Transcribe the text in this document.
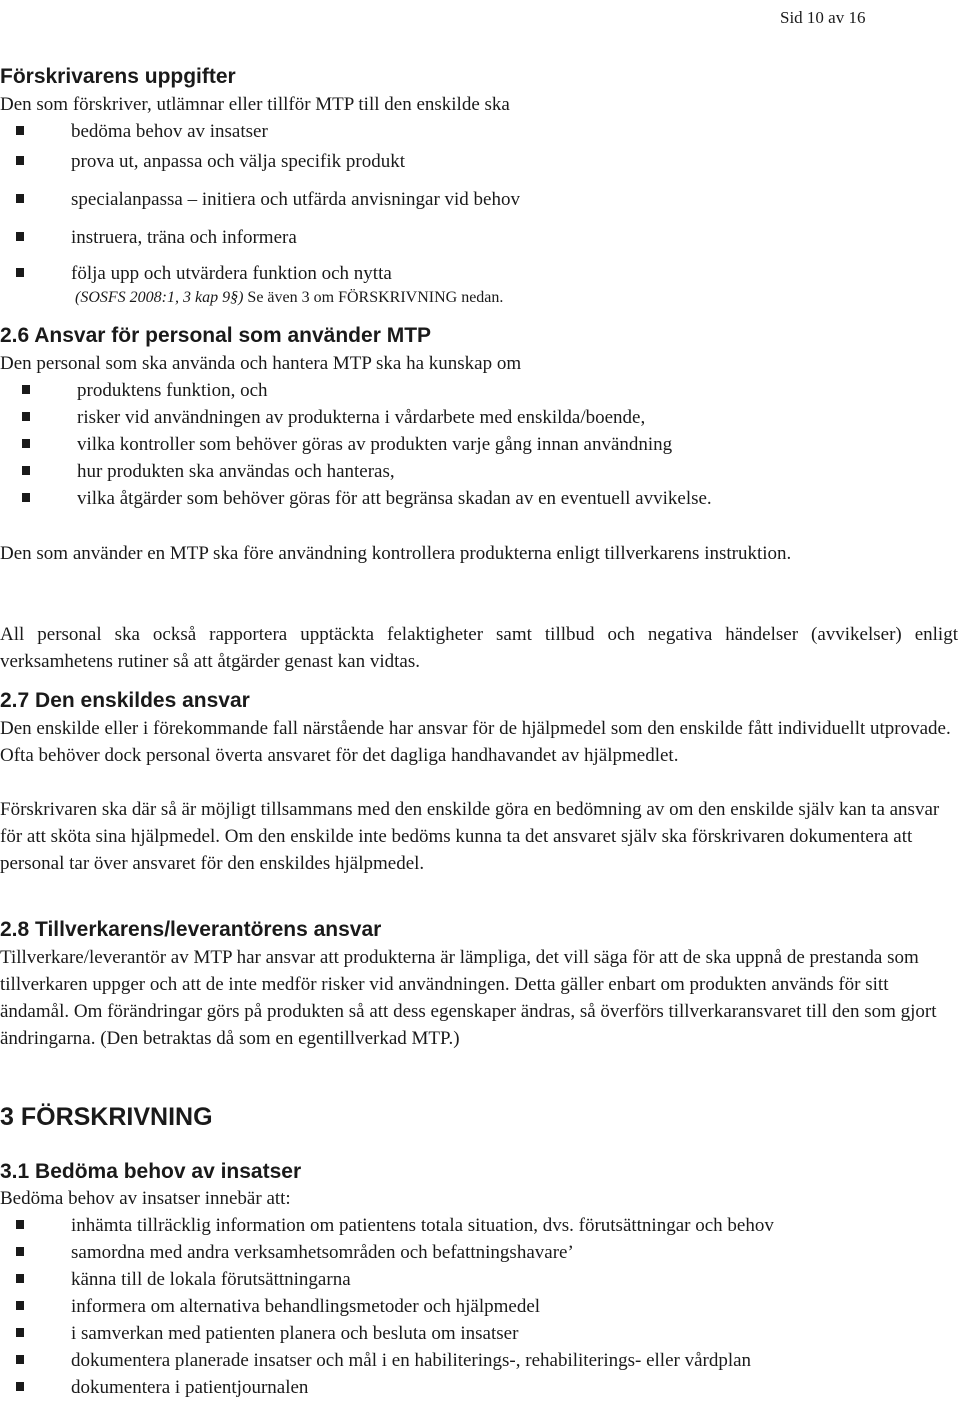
Sid 10 av 16
Förskrivarens uppgifter
Den som förskriver, utlämnar eller tillför MTP till den enskilde ska
bedöma behov av insatser
prova ut, anpassa och välja specifik produkt
specialanpassa – initiera och utfärda anvisningar vid behov
instruera, träna och informera
följa upp och utvärdera funktion och nytta
(SOSFS 2008:1, 3 kap 9§) Se även 3 om FÖRSKRIVNING nedan.
2.6 Ansvar för personal som använder MTP
Den personal som ska använda och hantera MTP ska ha kunskap om
produktens funktion, och
risker vid användningen av produkterna i vårdarbete med enskilda/boende,
vilka kontroller som behöver göras av produkten varje gång innan användning
hur produkten ska användas och hanteras,
vilka åtgärder som behöver göras för att begränsa skadan av en eventuell avvikelse.
Den som använder en MTP ska före användning kontrollera produkterna enligt tillverkarens instruktion.
All personal ska också rapportera upptäckta felaktigheter samt tillbud och negativa händelser (avvikelser) enligt verksamhetens rutiner så att åtgärder genast kan vidtas.
2.7 Den enskildes ansvar
Den enskilde eller i förekommande fall närstående har ansvar för de hjälpmedel som den enskilde fått individuellt utprovade. Ofta behöver dock personal överta ansvaret för det dagliga handhavandet av hjälpmedlet.
Förskrivaren ska där så är möjligt tillsammans med den enskilde göra en bedömning av om den enskilde själv kan ta ansvar för att sköta sina hjälpmedel. Om den enskilde inte bedöms kunna ta det ansvaret själv ska förskrivaren dokumentera att personal tar över ansvaret för den enskildes hjälpmedel.
2.8 Tillverkarens/leverantörens ansvar
Tillverkare/leverantör av MTP har ansvar att produkterna är lämpliga, det vill säga för att de ska uppnå de prestanda som tillverkaren uppger och att de inte medför risker vid användningen. Detta gäller enbart om produkten används för sitt ändamål. Om förändringar görs på produkten så att dess egenskaper ändras, så överförs tillverkaransvaret till den som gjort ändringarna. (Den betraktas då som en egentillverkad MTP.)
3 FÖRSKRIVNING
3.1 Bedöma behov av insatser
Bedöma behov av insatser innebär att:
inhämta tillräcklig information om patientens totala situation, dvs. förutsättningar och behov
samordna med andra verksamhetsområden och befattningshavare’
känna till de lokala förutsättningarna
informera om alternativa behandlingsmetoder och hjälpmedel
i samverkan med patienten planera och besluta om insatser
dokumentera planerade insatser och mål i en habiliterings-, rehabiliterings- eller vårdplan
dokumentera i patientjournalen
